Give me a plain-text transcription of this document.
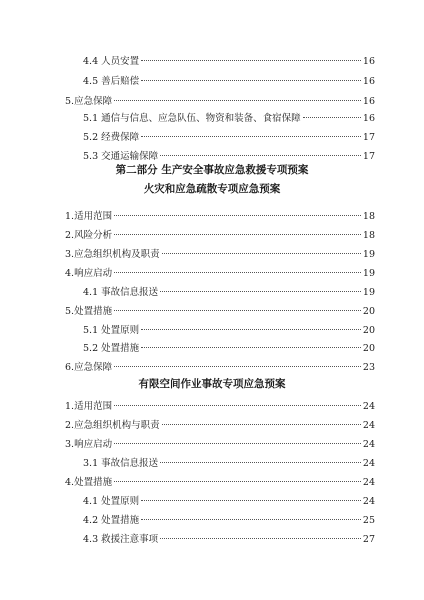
4.4 人员安置	16
4.5 善后赔偿	16
5.应急保障	16
5.1 通信与信息、应急队伍、物资和装备、食宿保障	16
5.2 经费保障	17
5.3 交通运输保障	17
第二部分 生产安全事故应急救援专项预案
火灾和应急疏散专项应急预案
1.适用范围	18
2.风险分析	18
3.应急组织机构及职责	19
4.响应启动	19
4.1 事故信息报送	19
5.处置措施	20
5.1 处置原则	20
5.2 处置措施	20
6.应急保障	23
有限空间作业事故专项应急预案
1.适用范围	24
2.应急组织机构与职责	24
3.响应启动	24
3.1 事故信息报送	24
4.处置措施	24
4.1 处置原则	24
4.2 处置措施	25
4.3 救援注意事项	27
